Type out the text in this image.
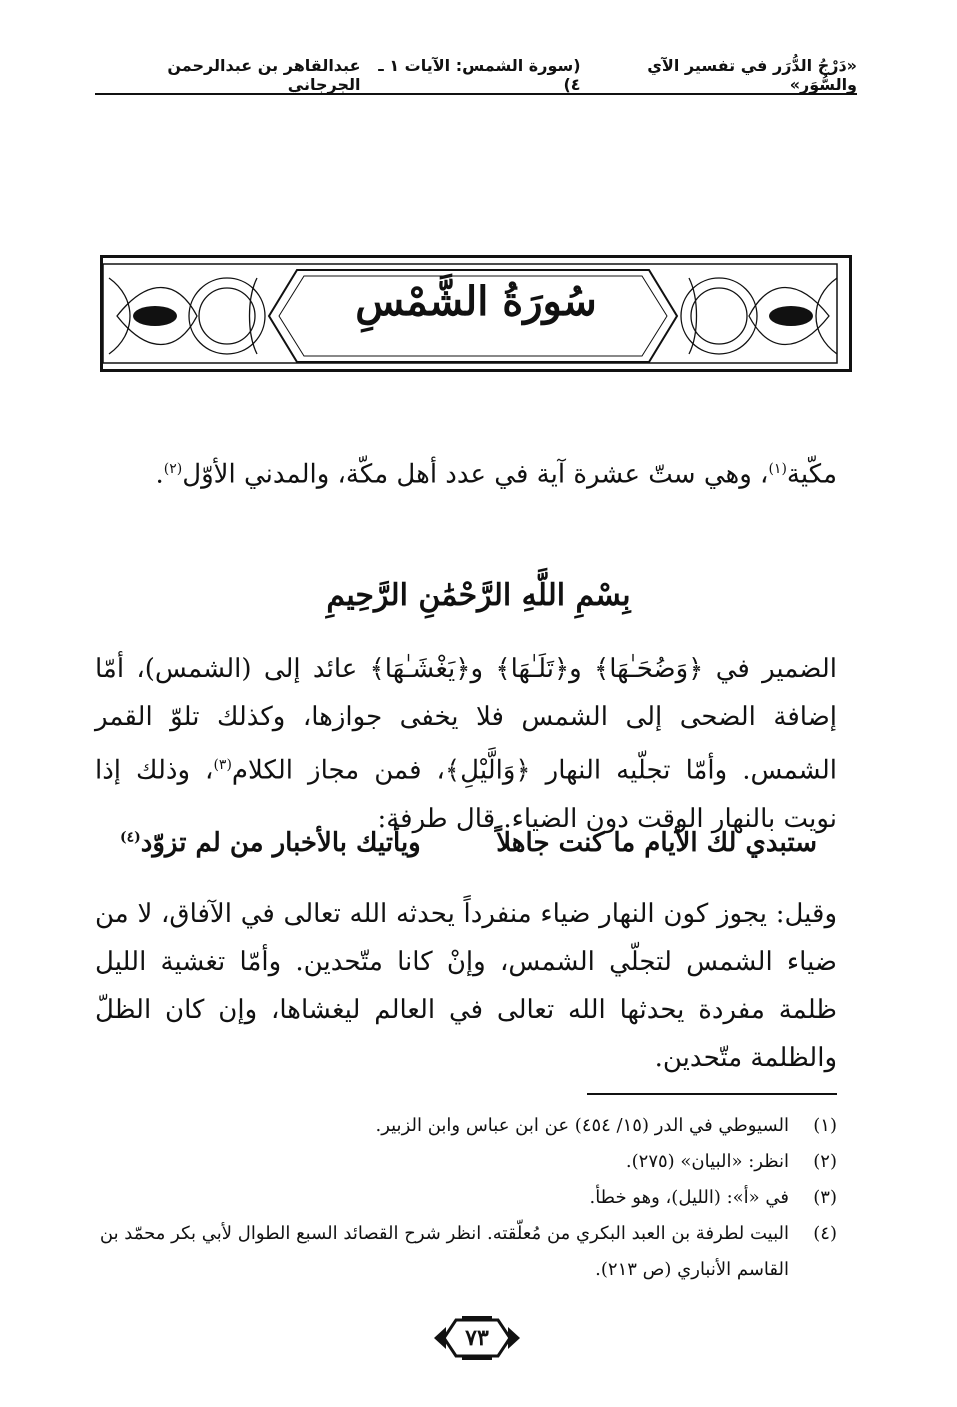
«دَرْجُ الدُّرَر في تفسير الآي والسُّوَر»
(سورة الشمس: الآيات ١ ـ ٤)
عبدالقاهر بن عبدالرحمن الجرجاني
سُورَةُ الشَّمْسِ
مكّية$^{(١)}$، وهي ستّ عشرة آية في عدد أهل مكّة، والمدني الأوّل$^{(٢)}$.
بِسْمِ اللَّهِ الرَّحْمَٰنِ الرَّحِيمِ
الضمير في ﴿وَضُحَـٰهَا﴾ و﴿تَلَـٰهَا﴾ و﴿يَغْشَـٰهَا﴾ عائد إلى (الشمس)، أمّا إضافة الضحى إلى الشمس فلا يخفى جوازها، وكذلك تلوّ القمر الشمس. وأمّا تجلّيه النهار ﴿وَالَّيْلِ﴾، فمن مجاز الكلام$^{(٣)}$، وذلك إذا نويت بالنهار الوقت دون الضياء. قال طرفة:
ستبدي لك الأيام ما كنت جاهلاً
ويأتيك بالأخبار من لم تزوّد$^{(٤)}$
وقيل: يجوز كون النهار ضياء منفرداً يحدثه الله تعالى في الآفاق، لا من ضياء الشمس لتجلّي الشمس، وإنْ كانا متّحدين. وأمّا تغشية الليل ظلمة مفردة يحدثها الله تعالى في العالم ليغشاها، وإن كان الظلّ والظلمة متّحدين.
(١)
السيوطي في الدر (١٥/ ٤٥٤) عن ابن عباس وابن الزبير.
(٢)
انظر: «البيان» (٢٧٥).
(٣)
في «أ»: (الليل)، وهو خطأ.
(٤)
البيت لطرفة بن العبد البكري من مُعلّقته. انظر شرح القصائد السبع الطوال لأبي بكر محمّد بن القاسم الأنباري (ص ٢١٣).
٧٣
